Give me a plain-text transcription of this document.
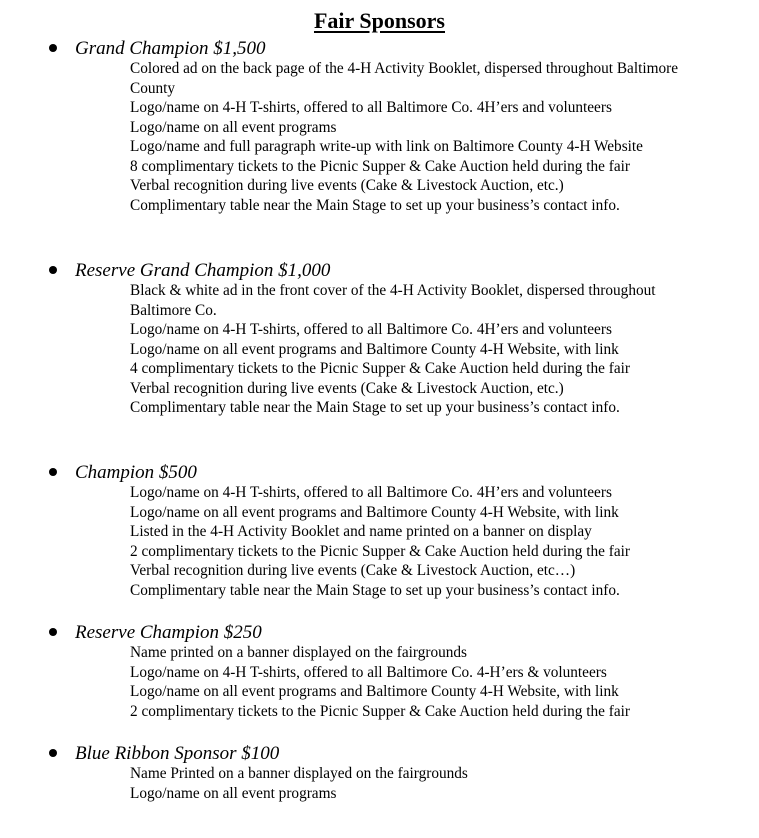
Fair Sponsors
Grand Champion $1,500
Colored ad on the back page of the 4-H Activity Booklet, dispersed throughout Baltimore County
Logo/name on 4-H T-shirts, offered to all Baltimore Co. 4H’ers and volunteers
Logo/name on all event programs
Logo/name and full paragraph write-up with link on Baltimore County 4-H Website
8 complimentary tickets to the Picnic Supper & Cake Auction held during the fair
Verbal recognition during live events (Cake & Livestock Auction, etc.)
Complimentary table near the Main Stage to set up your business’s contact info.
Reserve Grand Champion $1,000
Black & white ad in the front cover of the 4-H Activity Booklet, dispersed throughout Baltimore Co.
Logo/name on 4-H T-shirts, offered to all Baltimore Co. 4H’ers and volunteers
Logo/name on all event programs and Baltimore County 4-H Website, with link
4 complimentary tickets to the Picnic Supper & Cake Auction held during the fair
Verbal recognition during live events (Cake & Livestock Auction, etc.)
Complimentary table near the Main Stage to set up your business’s contact info.
Champion $500
Logo/name on 4-H T-shirts, offered to all Baltimore Co. 4H’ers and volunteers
Logo/name on all event programs and Baltimore County 4-H Website, with link
Listed in the 4-H Activity Booklet and name printed on a banner on display
2 complimentary tickets to the Picnic Supper & Cake Auction held during the fair
Verbal recognition during live events (Cake & Livestock Auction, etc…)
Complimentary table near the Main Stage to set up your business’s contact info.
Reserve Champion $250
Name printed on a banner displayed on the fairgrounds
Logo/name on 4-H T-shirts, offered to all Baltimore Co. 4-H’ers & volunteers
Logo/name on all event programs and Baltimore County 4-H Website, with link
2 complimentary tickets to the Picnic Supper & Cake Auction held during the fair
Blue Ribbon Sponsor $100
Name Printed on a banner displayed on the fairgrounds
Logo/name on all event programs
